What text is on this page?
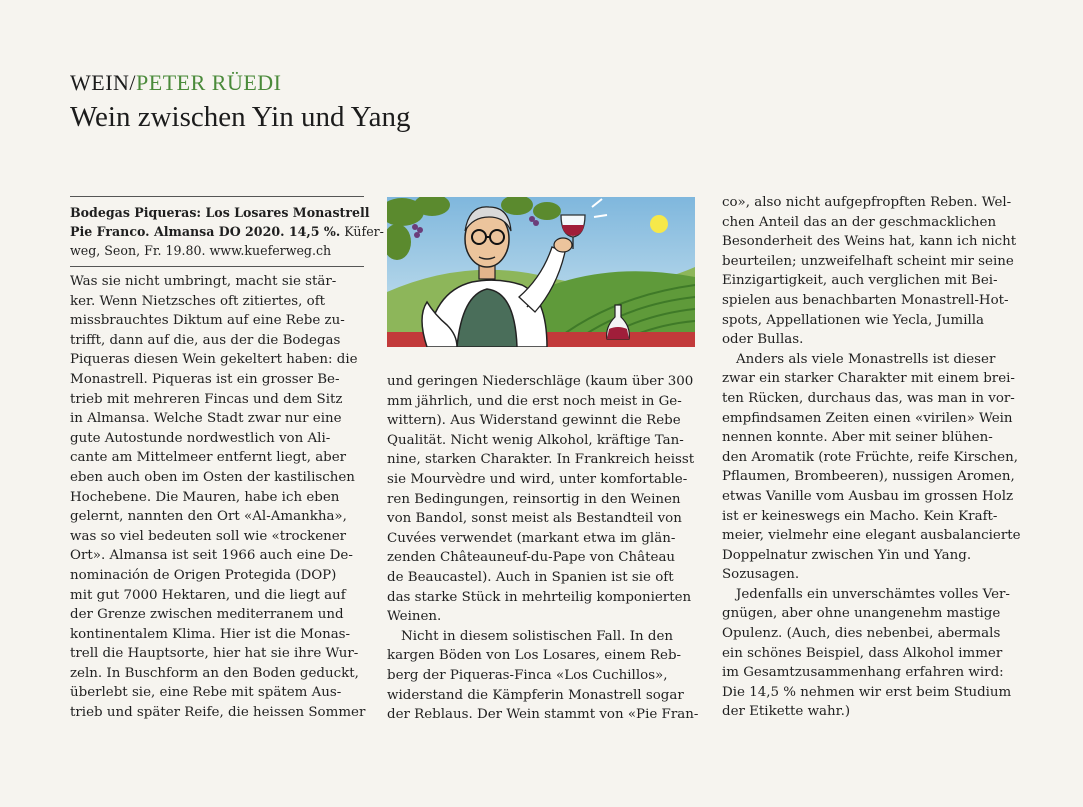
WEIN/PETER RÜEDI
Wein zwischen Yin und Yang
Bodegas Piqueras: Los Losares Monastrell
Pie Franco. Almansa DO 2020. 14,5 %. Küfer-
weg, Seon, Fr. 19.80. www.kueferweg.ch
Was sie nicht umbringt, macht sie stär-
ker. Wenn Nietzsches oft zitiertes, oft
missbrauchtes Diktum auf eine Rebe zu-
trifft, dann auf die, aus der die Bodegas
Piqueras diesen Wein gekeltert haben: die
Monastrell. Piqueras ist ein grosser Be-
trieb mit mehreren Fincas und dem Sitz
in Almansa. Welche Stadt zwar nur eine
gute Autostunde nordwestlich von Ali-
cante am Mittelmeer entfernt liegt, aber
eben auch oben im Osten der kastilischen
Hochebene. Die Mauren, habe ich eben
gelernt, nannten den Ort «Al-Amankha»,
was so viel bedeuten soll wie «trockener
Ort». Almansa ist seit 1966 auch eine De-
nominación de Origen Protegida (DOP)
mit gut 7000 Hektaren, und die liegt auf
der Grenze zwischen mediterranem und
kontinentalem Klima. Hier ist die Monas-
trell die Hauptsorte, hier hat sie ihre Wur-
zeln. In Buschform an den Boden geduckt,
überlebt sie, eine Rebe mit spätem Aus-
trieb und später Reife, die heissen Sommer
und geringen Niederschläge (kaum über 300
mm jährlich, und die erst noch meist in Ge-
wittern). Aus Widerstand gewinnt die Rebe
Qualität. Nicht wenig Alkohol, kräftige Tan-
nine, starken Charakter. In Frankreich heisst
sie Mourvèdre und wird, unter komfortable-
ren Bedingungen, reinsortig in den Weinen
von Bandol, sonst meist als Bestandteil von
Cuvées verwendet (markant etwa im glän-
zenden Châteauneuf-du-Pape von Château
de Beaucastel). Auch in Spanien ist sie oft
das starke Stück in mehrteilig komponierten
Weinen.
Nicht in diesem solistischen Fall. In den
kargen Böden von Los Losares, einem Reb-
berg der Piqueras-Finca «Los Cuchillos»,
widerstand die Kämpferin Monastrell sogar
der Reblaus. Der Wein stammt von «Pie Fran-
co», also nicht aufgepfropften Reben. Wel-
chen Anteil das an der geschmacklichen
Besonderheit des Weins hat, kann ich nicht
beurteilen; unzweifelhaft scheint mir seine
Einzigartigkeit, auch verglichen mit Bei-
spielen aus benachbarten Monastrell-Hot-
spots, Appellationen wie Yecla, Jumilla
oder Bullas.
Anders als viele Monastrells ist dieser
zwar ein starker Charakter mit einem brei-
ten Rücken, durchaus das, was man in vor-
empfindsamen Zeiten einen «virilen» Wein
nennen konnte. Aber mit seiner blühen-
den Aromatik (rote Früchte, reife Kirschen,
Pflaumen, Brombeeren), nussigen Aromen,
etwas Vanille vom Ausbau im grossen Holz
ist er keineswegs ein Macho. Kein Kraft-
meier, vielmehr eine elegant ausbalancierte
Doppelnatur zwischen Yin und Yang.
Sozusagen.
Jedenfalls ein unverschämtes volles Ver-
gnügen, aber ohne unangenehm mastige
Opulenz. (Auch, dies nebenbei, abermals
ein schönes Beispiel, dass Alkohol immer
im Gesamtzusammenhang erfahren wird:
Die 14,5 % nehmen wir erst beim Studium
der Etikette wahr.)
